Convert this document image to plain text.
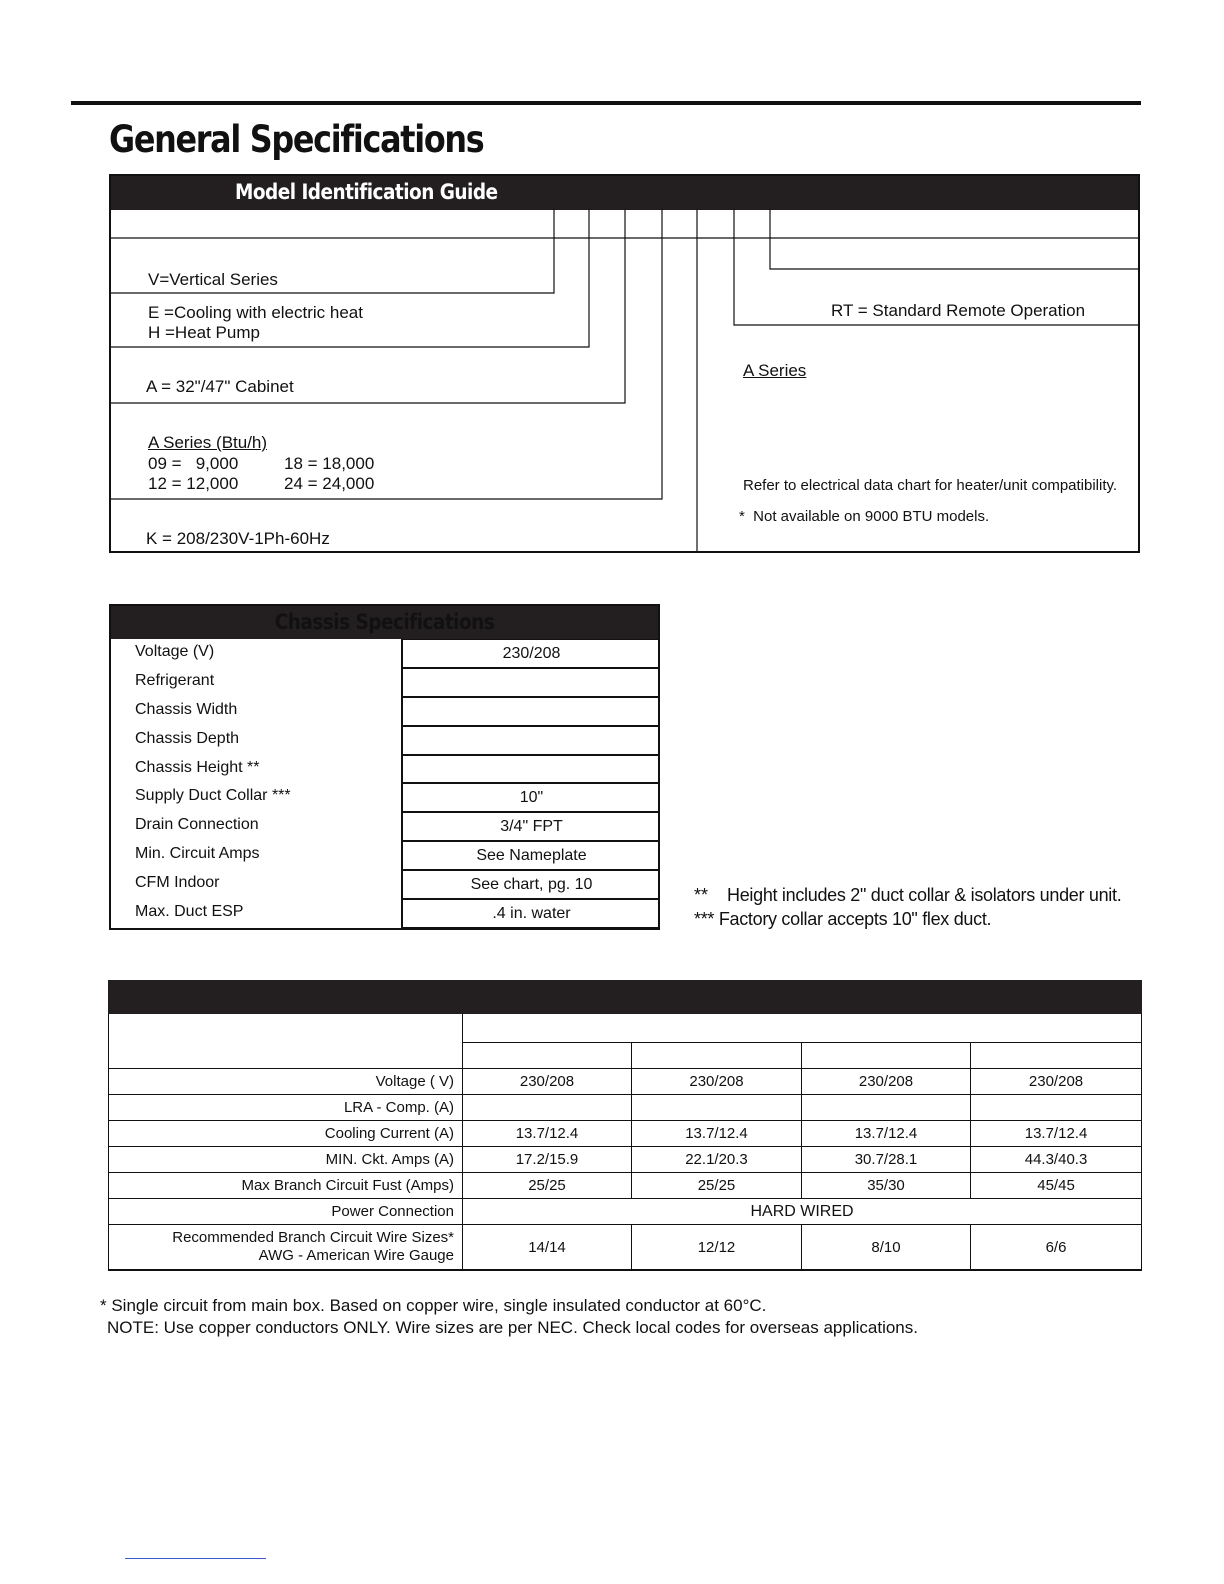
General Specifications
Model Identification Guide
V=Vertical Series
E =Cooling with electric heat
H =Heat Pump
A = 32"/47" Cabinet
A Series (Btu/h)
09 =   9,000	18 = 18,000
12 = 12,000	24 = 24,000
K = 208/230V-1Ph-60Hz
RT = Standard Remote Operation
A Series
Refer to electrical data chart for heater/unit compatibility.
*  Not available on 9000 BTU models.
Chassis Specifications
Voltage (V)	230/208
Refrigerant
Chassis Width
Chassis Depth
Chassis Height **
Supply Duct Collar ***	10"
Drain Connection	3/4" FPT
Min. Circuit Amps	See Nameplate
CFM Indoor	See chart, pg. 10
Max. Duct ESP	.4 in. water
** Height includes 2" duct collar & isolators under unit.
*** Factory collar accepts 10" flex duct.

Voltage ( V)	230/208	230/208	230/208	230/208
LRA - Comp. (A)				
Cooling Current (A)	13.7/12.4	13.7/12.4	13.7/12.4	13.7/12.4
MIN. Ckt. Amps (A)	17.2/15.9	22.1/20.3	30.7/28.1	44.3/40.3
Max Branch Circuit Fust (Amps)	25/25	25/25	35/30	45/45
Power Connection	HARD WIRED			

Recommended Branch Circuit Wire Sizes*
AWG - American Wire Gauge	14/14	12/12	8/10	6/6
* Single circuit from main box. Based on copper wire, single insulated conductor at 60°C.
NOTE: Use copper conductors ONLY. Wire sizes are per NEC. Check local codes for overseas applications.
